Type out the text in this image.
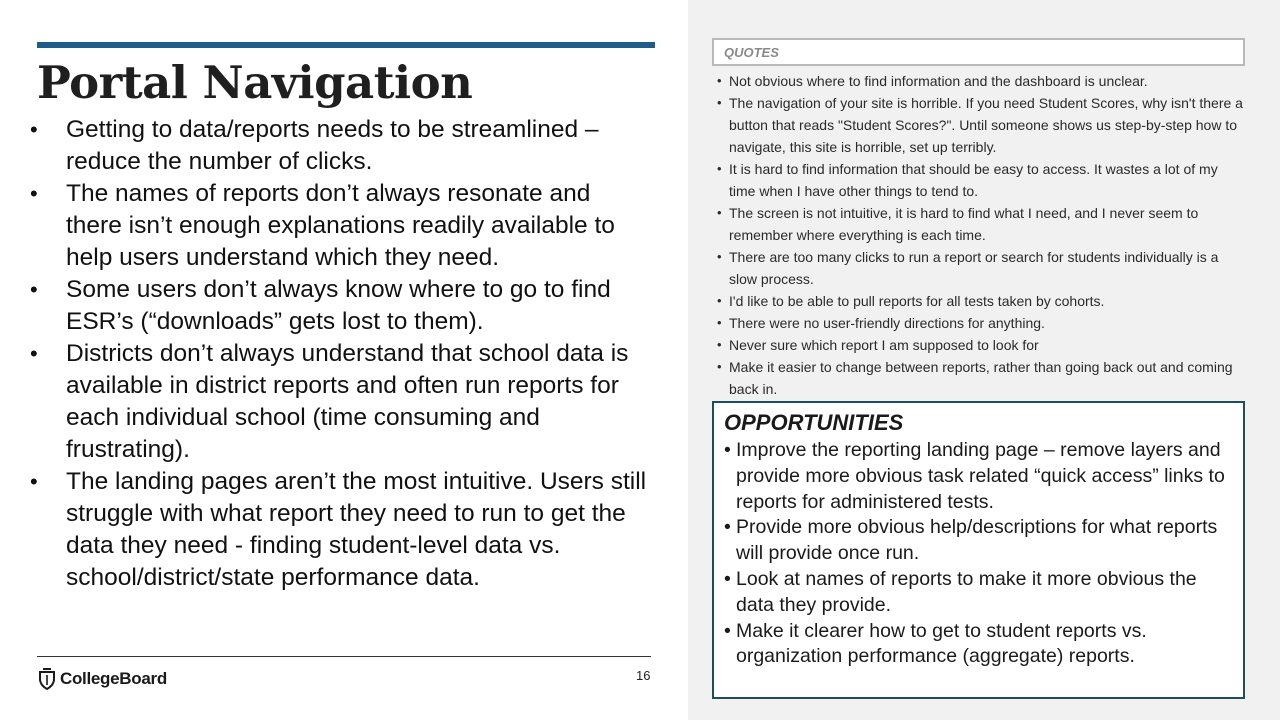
Portal Navigation
• Getting to data/reports needs to be streamlined – reduce the number of clicks.
• The names of reports don’t always resonate and there isn’t enough explanations readily available to help users understand which they need.
• Some users don’t always know where to go to find ESR’s (“downloads” gets lost to them).
• Districts don’t always understand that school data is available in district reports and often run reports for each individual school (time consuming and frustrating).
• The landing pages aren’t the most intuitive. Users still struggle with what report they need to run to get the data they need - finding student-level data vs. school/district/state performance data.
CollegeBoard	16
QUOTES
• Not obvious where to find information and the dashboard is unclear.
• The navigation of your site is horrible. If you need Student Scores, why isn't there a button that reads "Student Scores?". Until someone shows us step-by-step how to navigate, this site is horrible, set up terribly.
• It is hard to find information that should be easy to access. It wastes a lot of my time when I have other things to tend to.
• The screen is not intuitive, it is hard to find what I need, and I never seem to remember where everything is each time.
• There are too many clicks to run a report or search for students individually is a slow process.
• I'd like to be able to pull reports for all tests taken by cohorts.
• There were no user-friendly directions for anything.
• Never sure which report I am supposed to look for
• Make it easier to change between reports, rather than going back out and coming back in.
OPPORTUNITIES
• Improve the reporting landing page – remove layers and provide more obvious task related “quick access” links to reports for administered tests.
• Provide more obvious help/descriptions for what reports will provide once run.
• Look at names of reports to make it more obvious the data they provide.
• Make it clearer how to get to student reports vs. organization performance (aggregate) reports.
